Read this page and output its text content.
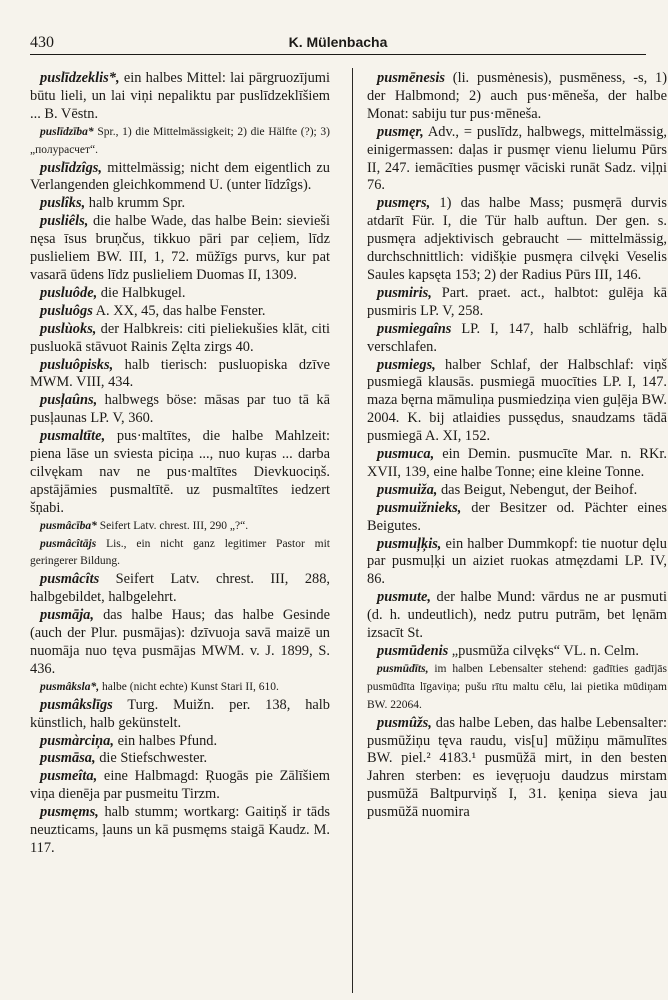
430	K. Mülenbacha

puslīdzeklis*, ein halbes Mittel: lai pārgruozījumi būtu lieli, un lai viņi nepaliktu par puslīdzeklīšiem ... B. Vēstn.

puslīdzība* Spr., 1) die Mittelmässigkeit; 2) die Hälfte (?); 3) „полурасчет“.

puslīdzîgs, mittelmässig; nicht dem eigentlich zu Verlangenden gleichkommend U. (unter līdzîgs).

puslîks, halb krumm Spr.

pusliêls, die halbe Wade, das halbe Bein: sievieši nęsa īsus bruņčus, tikkuo pāri par ceļiem, līdz puslieliem BW. III, 1, 72. mūžīgs purvs, kur pat vasarā ūdens līdz puslieliem Duomas II, 1309.

pusluôde, die Halbkugel.

pusluôgs A. XX, 45, das halbe Fenster.

puslùoks, der Halbkreis: citi pieliekušies klāt, citi pusluokā stāvuot Rainis Zęlta zirgs 40.

pusluôpisks, halb tierisch: pusluopiska dzīve MWM. VIII, 434.

pusļaûns, halbwegs böse: māsas par tuo tā kā pusļaunas LP. V, 360.

pusmaltīte, pus·maltītes, die halbe Mahlzeit: piena lāse un sviesta piciņa ..., nuo kuŗas ... darba cilvękam nav ne pus·maltītes Dievkuociņš. apstājāmies pusmaltītē. uz pusmaltītes iedzert šņabi.

pusmâcība* Seifert Latv. chrest. III, 290 „?“.

pusmâcîtājs Lis., ein nicht ganz legitimer Pastor mit geringerer Bildung.

pusmâcîts Seifert Latv. chrest. III, 288, halbgebildet, halbgelehrt.

pusmāja, das halbe Haus; das halbe Gesinde (auch der Plur. pusmājas): dzīvuoja savā maizē un nuomāja nuo tęva pusmājas MWM. v. J. 1899, S. 436.

pusmâksla*, halbe (nicht echte) Kunst Stari II, 610.

pusmâkslīgs Turg. Muižn. per. 138, halb künstlich, halb gekünstelt.

pusmàrciņa, ein halbes Pfund.

pusmāsa, die Stiefschwester.

pusmeîta, eine Halbmagd: Ŗuogās pie Zālīšiem viņa dienēja par pusmeitu Tirzm.

pusmęms, halb stumm; wortkarg: Gaitiņš ir tāds neuzticams, ļauns un kā pusmęms staigā Kaudz. M. 117.

pusmēnesis (li. pusmėnesis), pusmēness, -s, 1) der Halbmond; 2) auch pus·mēneša, der halbe Monat: sabiju tur pus·mēneša.

pusmęr, Adv., = puslīdz, halbwegs, mittelmässig, einigermassen: daļas ir pusmęr vienu lielumu Pūrs II, 247. iemācīties pusmęr vāciski runāt Sadz. viļņi 76.

pusmęrs, 1) das halbe Mass; pusmęrā durvis atdarīt Für. I, die Tür halb auftun. Der gen. s. pusmęra adjektivisch gebraucht — mittelmässig, durchschnittlich: vidišķie pusmęra cilvęki Veselis Saules kapsęta 153; 2) der Radius Pūrs III, 146.

pusmiris, Part. praet. act., halbtot: gulēja kā pusmiris LP. V, 258.

pusmiegaîns LP. I, 147, halb schläfrig, halb verschlafen.

pusmiegs, halber Schlaf, der Halbschlaf: viņš pusmiegā klausās. pusmiegā muocīties LP. I, 147. maza bęrna māmuliņa pusmiedziņa vien guļēja BW. 2004. K. bij atlaidies pussędus, snaudzams tādā pusmiegā A. XI, 152.

pusmuca, ein Demin. pusmucīte Mar. n. RKr. XVII, 139, eine halbe Tonne; eine kleine Tonne.

pusmuiža, das Beigut, Nebengut, der Beihof.

pusmuižnieks, der Besitzer od. Pächter eines Beigutes.

pusmuļķis, ein halber Dummkopf: tie nuotur dęlu par pusmuļķi un aiziet ruokas atmęzdami LP. IV, 86.

pusmute, der halbe Mund: vārdus ne ar pusmuti (d. h. undeutlich), nedz putru putrām, bet lęnām izsacīt St.

pusmūdenis „pusmūža cilvęks“ VL. n. Celm.

pusmūdīts, im halben Lebensalter stehend: gadīties gadījās pusmūdīta līgaviņa; pušu rītu maltu cēlu, lai pietika mūdiņam BW. 22064.

pusmûžs, das halbe Leben, das halbe Lebensalter: pusmūžiņu tęva raudu, vis[u] mūžiņu māmulītes BW. piel.² 4183.¹ pusmūžā mirt, in den besten Jahren sterben: es ievęŗuoju daudzus mirstam pusmūžā Baltpurviņš I, 31. ķeniņa sieva jau pusmūžā nuomira
